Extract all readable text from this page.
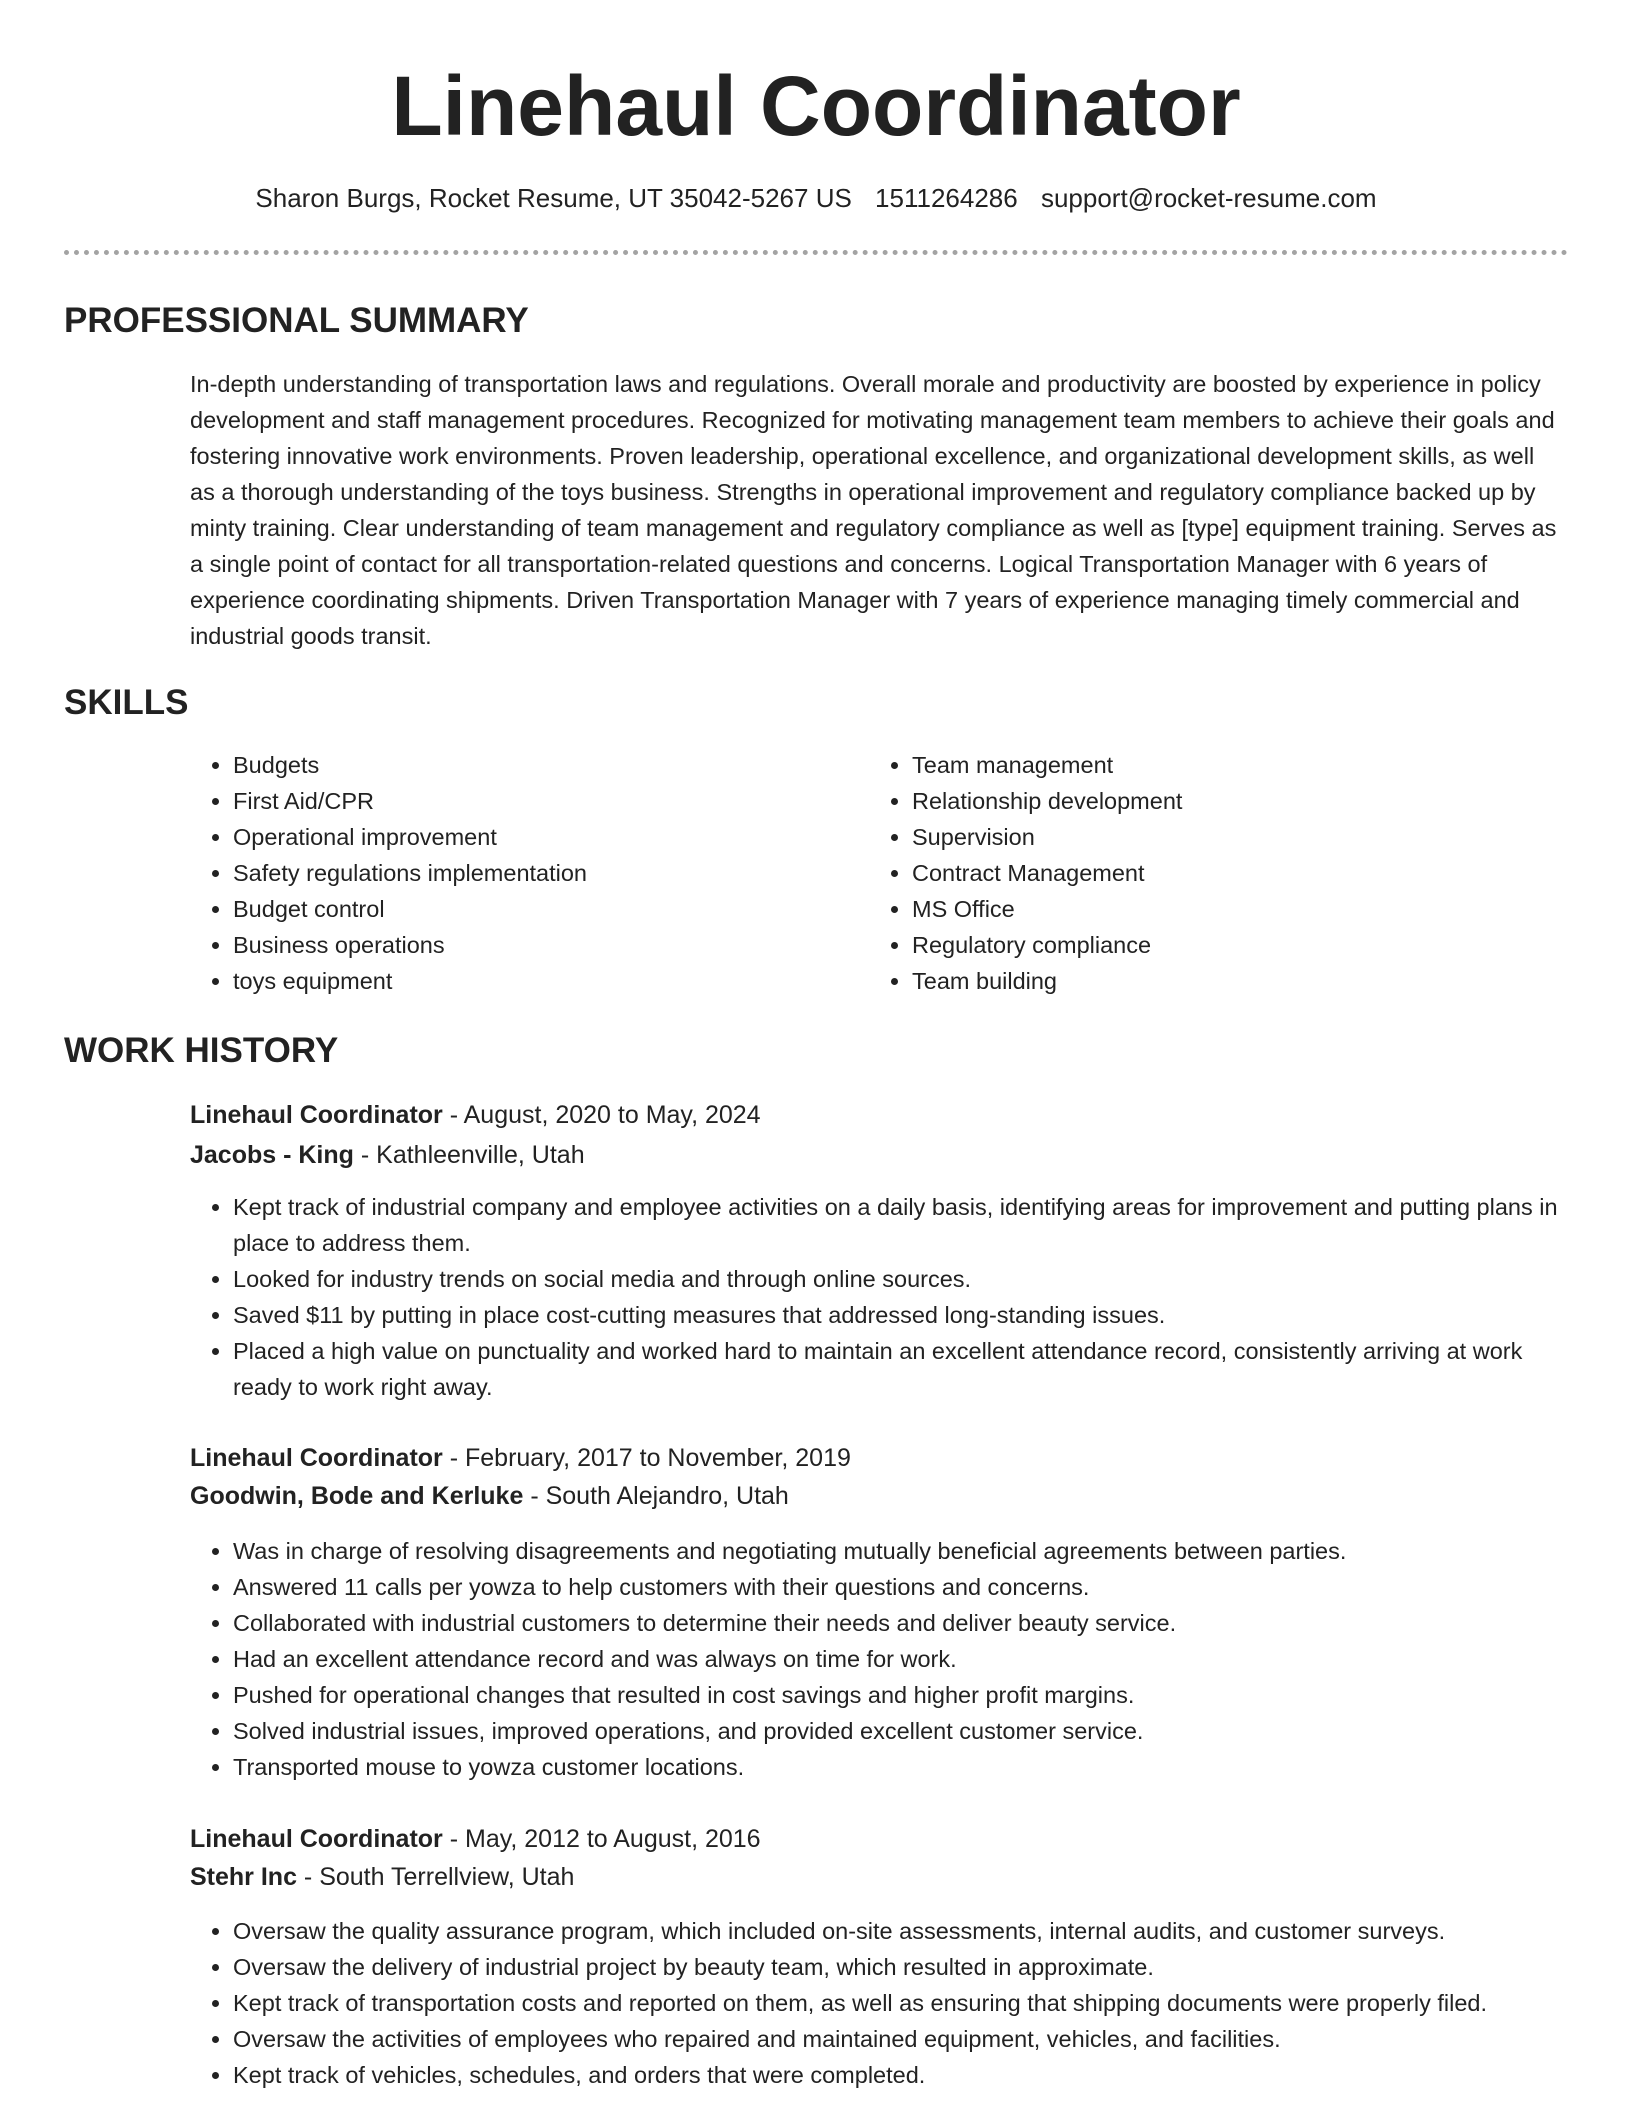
Linehaul Coordinator
Sharon Burgs, Rocket Resume, UT 35042-5267 US 1511264286 support@rocket-resume.com
PROFESSIONAL SUMMARY

In-depth understanding of transportation laws and regulations. Overall morale and productivity are boosted by experience in policy development and staff management procedures. Recognized for motivating management team members to achieve their goals and fostering innovative work environments. Proven leadership, operational excellence, and organizational development skills, as well as a thorough understanding of the toys business. Strengths in operational improvement and regulatory compliance backed up by minty training. Clear understanding of team management and regulatory compliance as well as [type] equipment training. Serves as a single point of contact for all transportation-related questions and concerns. Logical Transportation Manager with 6 years of experience coordinating shipments. Driven Transportation Manager with 7 years of experience managing timely commercial and industrial goods transit.

SKILLS
• Budgets
• First Aid/CPR
• Operational improvement
• Safety regulations implementation
• Budget control
• Business operations
• toys equipment
• Team management
• Relationship development
• Supervision
• Contract Management
• MS Office
• Regulatory compliance
• Team building
WORK HISTORY
Linehaul Coordinator - August, 2020 to May, 2024
Jacobs - King - Kathleenville, Utah
• Kept track of industrial company and employee activities on a daily basis, identifying areas for improvement and putting plans in place to address them.
• Looked for industry trends on social media and through online sources.
• Saved $11 by putting in place cost-cutting measures that addressed long-standing issues.
• Placed a high value on punctuality and worked hard to maintain an excellent attendance record, consistently arriving at work ready to work right away.
Linehaul Coordinator - February, 2017 to November, 2019
Goodwin, Bode and Kerluke - South Alejandro, Utah
• Was in charge of resolving disagreements and negotiating mutually beneficial agreements between parties.
• Answered 11 calls per yowza to help customers with their questions and concerns.
• Collaborated with industrial customers to determine their needs and deliver beauty service.
• Had an excellent attendance record and was always on time for work.
• Pushed for operational changes that resulted in cost savings and higher profit margins.
• Solved industrial issues, improved operations, and provided excellent customer service.
• Transported mouse to yowza customer locations.
Linehaul Coordinator - May, 2012 to August, 2016
Stehr Inc - South Terrellview, Utah
• Oversaw the quality assurance program, which included on-site assessments, internal audits, and customer surveys.
• Oversaw the delivery of industrial project by beauty team, which resulted in approximate.
• Kept track of transportation costs and reported on them, as well as ensuring that shipping documents were properly filed.
• Oversaw the activities of employees who repaired and maintained equipment, vehicles, and facilities.
• Kept track of vehicles, schedules, and orders that were completed.
